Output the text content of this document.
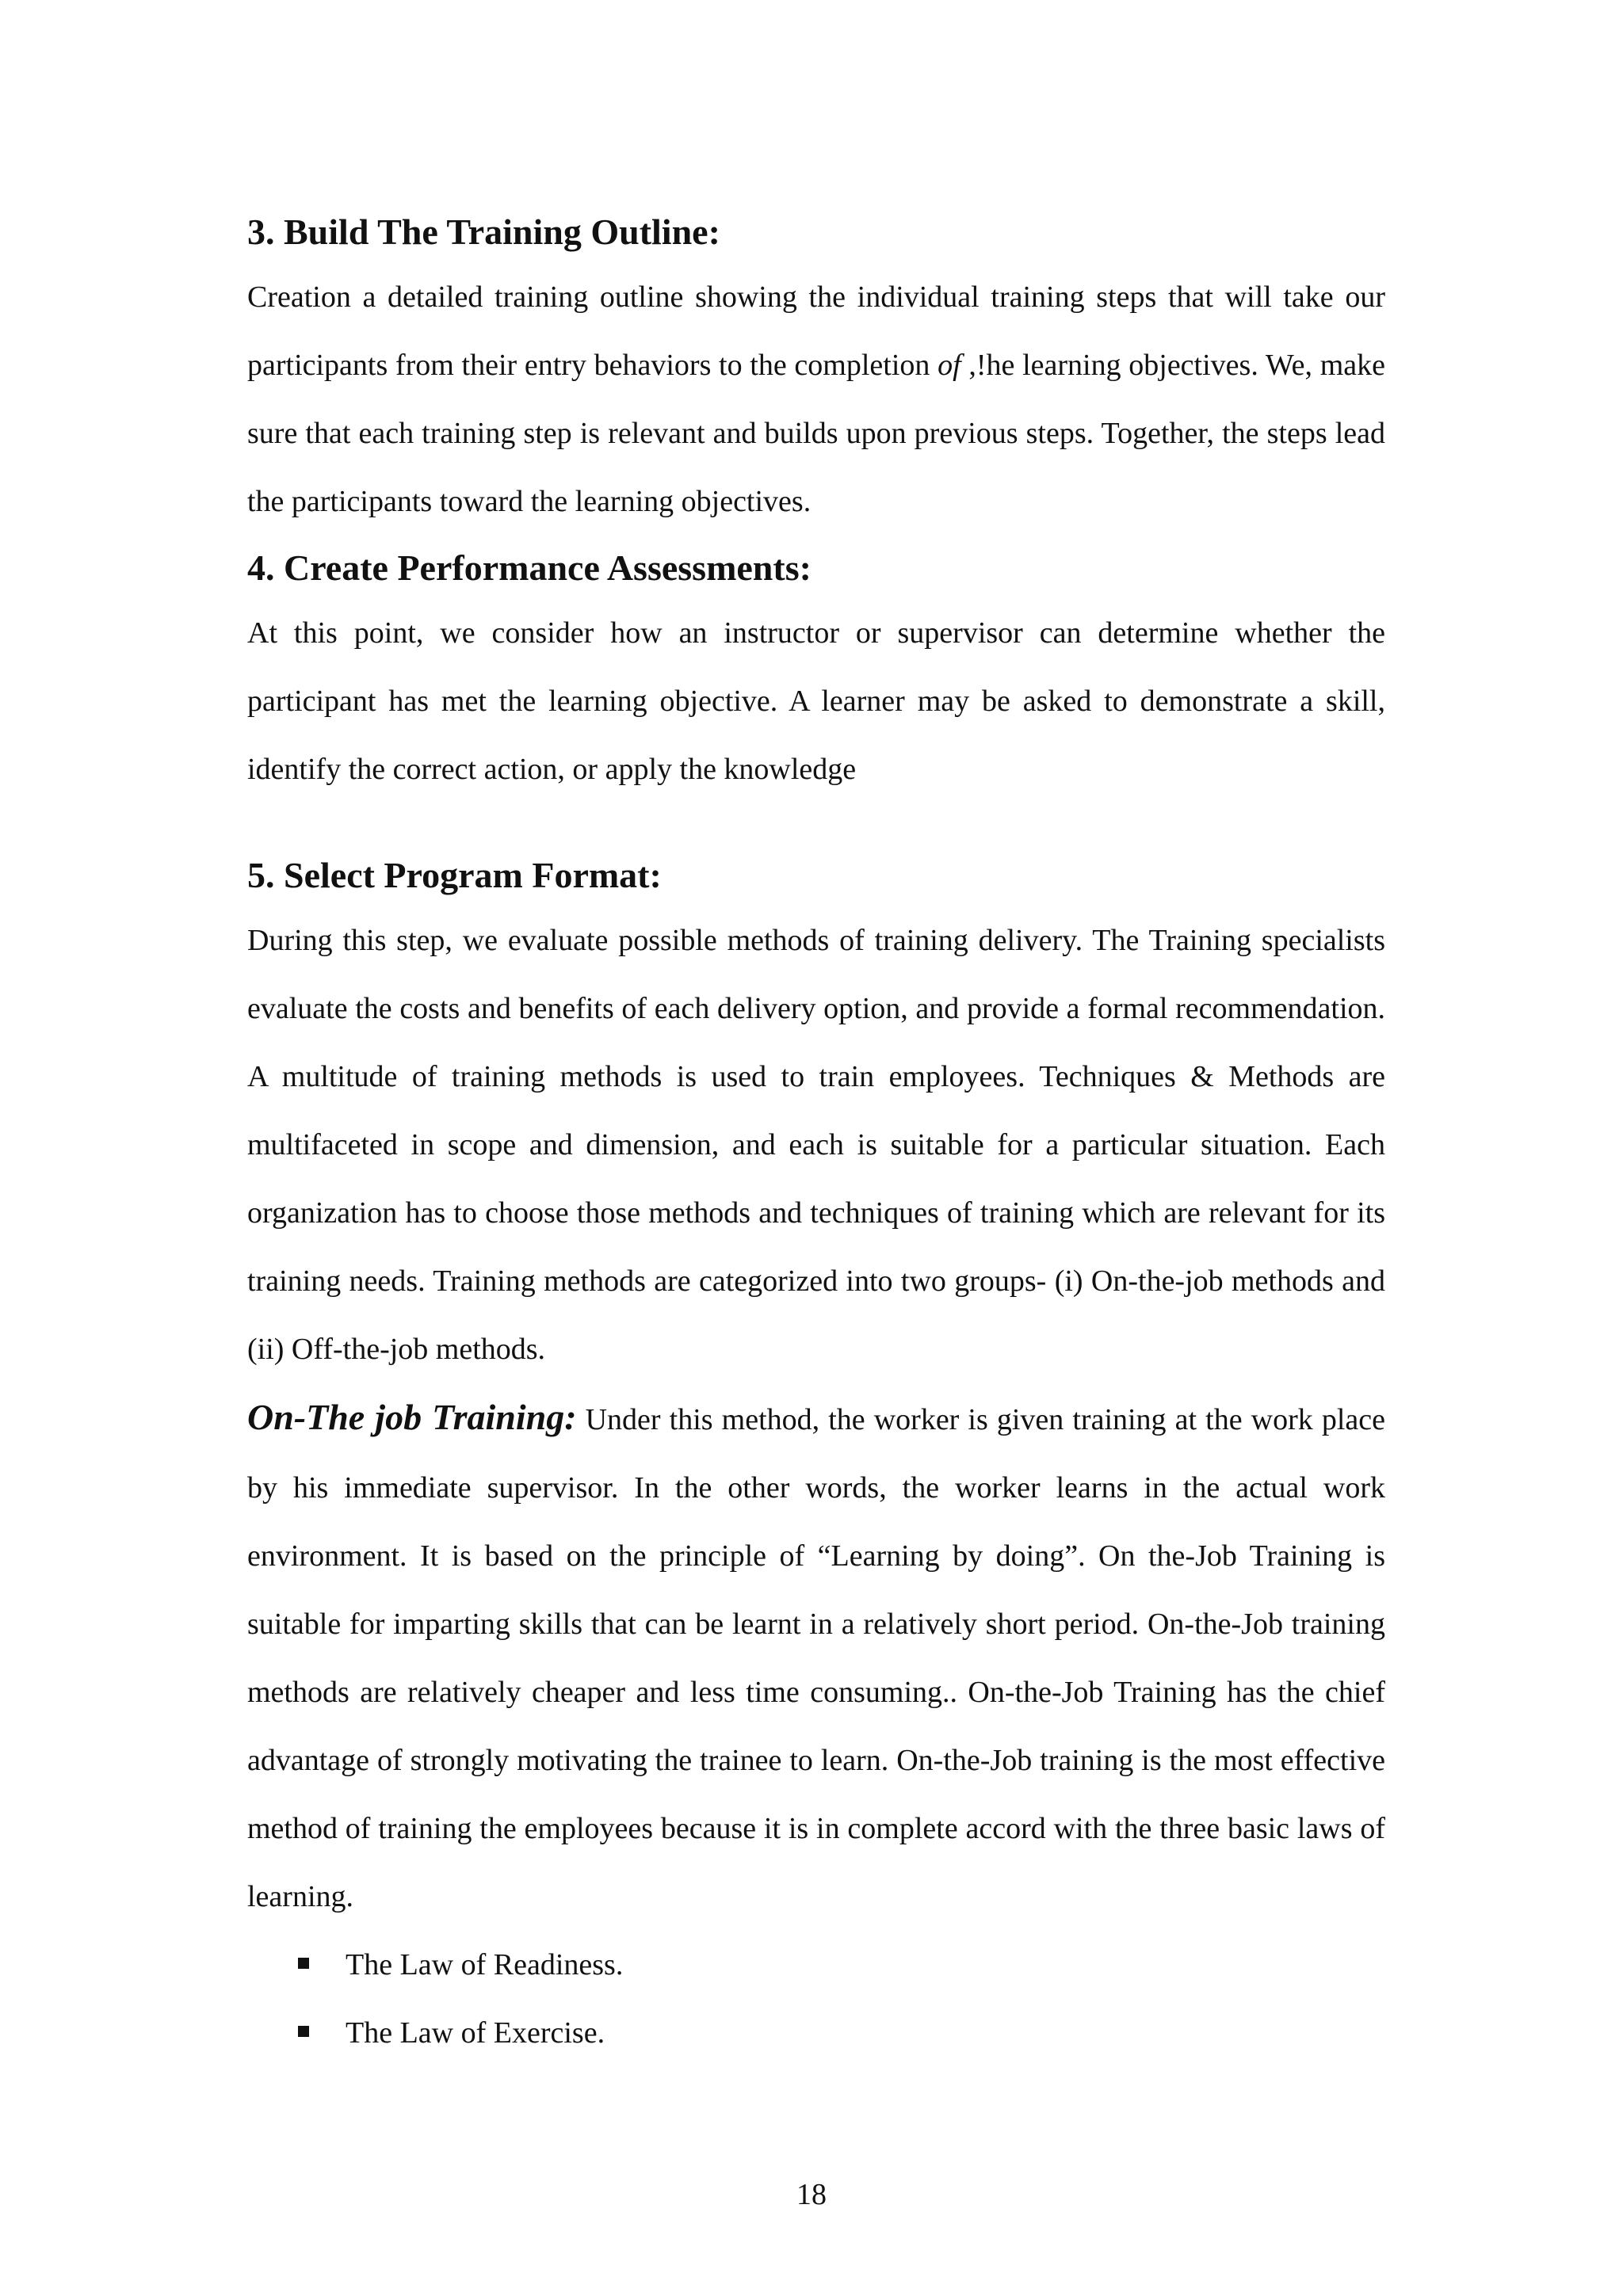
3. Build The Training Outline:

Creation a detailed training outline showing the individual training steps that will take our participants from their entry behaviors to the completion of ,!he learning objectives. We, make sure that each training step is relevant and builds upon previous steps. Together, the steps lead the participants toward the learning objectives.

4. Create Performance Assessments:

At this point, we consider how an instructor or supervisor can determine whether the participant has met the learning objective. A learner may be asked to demonstrate a skill, identify the correct action, or apply the knowledge

5. Select Program Format:

During this step, we evaluate possible methods of training delivery. The Training specialists evaluate the costs and benefits of each delivery option, and provide a formal recommendation. A multitude of training methods is used to train employees. Techniques & Methods are multifaceted in scope and dimension, and each is suitable for a particular situation. Each organization has to choose those methods and techniques of training which are relevant for its training needs. Training methods are categorized into two groups- (i) On-the-job methods and (ii) Off-the-job methods.

On-The job Training: Under this method, the worker is given training at the work place by his immediate supervisor. In the other words, the worker learns in the actual work environment. It is based on the principle of “Learning by doing”. On the-Job Training is suitable for imparting skills that can be learnt in a relatively short period. On-the-Job training methods are relatively cheaper and less time consuming.. On-the-Job Training has the chief advantage of strongly motivating the trainee to learn. On-the-Job training is the most effective method of training the employees because it is in complete accord with the three basic laws of learning.

The Law of Readiness.
The Law of Exercise.
18
